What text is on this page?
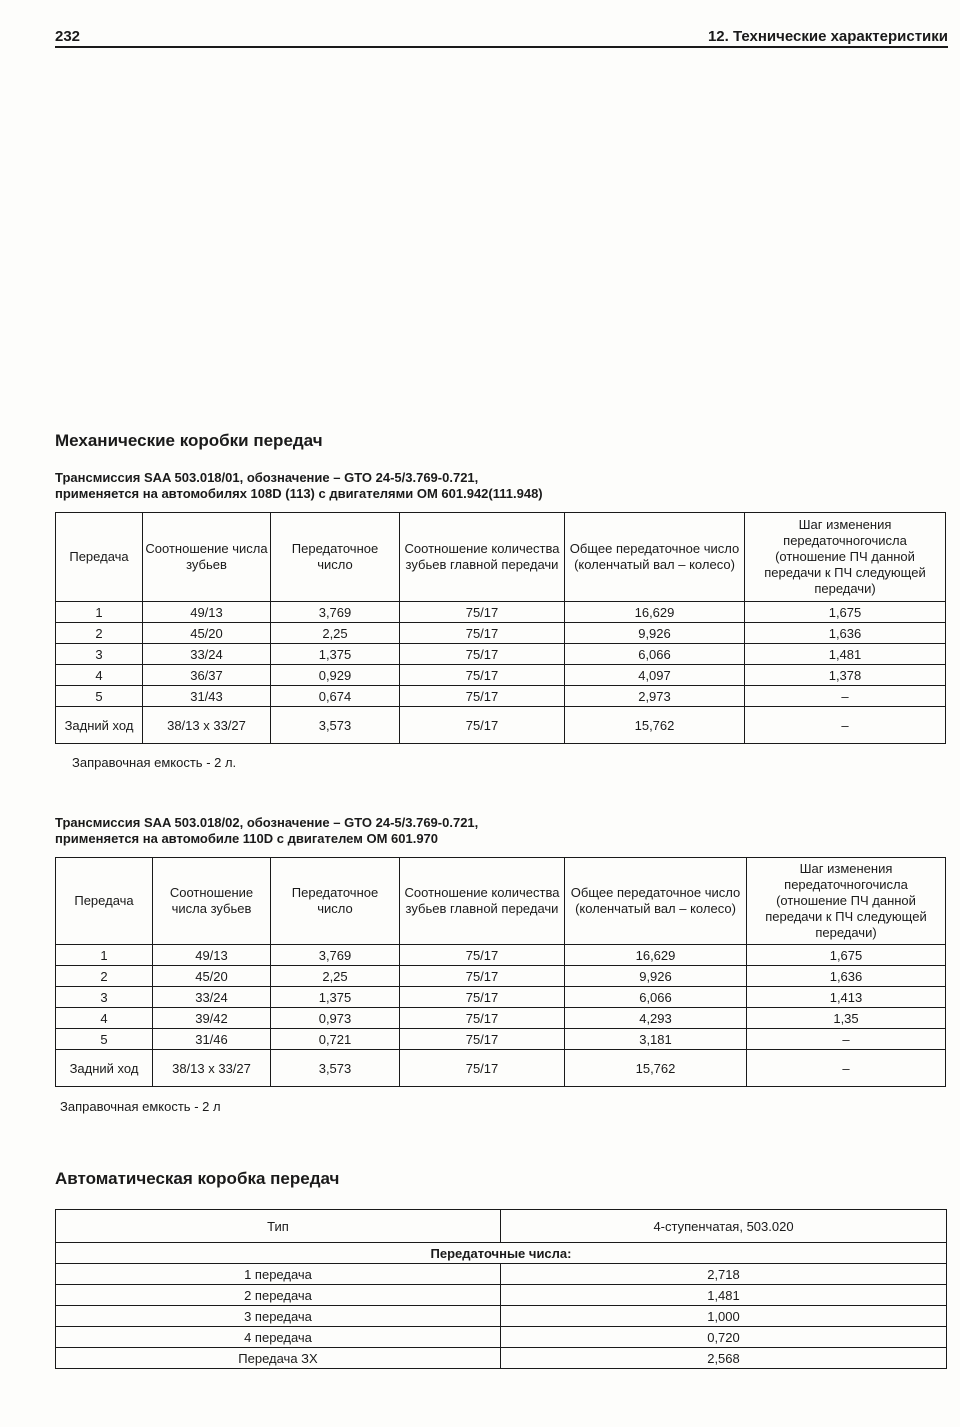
232	12. Технические характеристики
Механические коробки передач

Трансмиссия SAA 503.018/01, обозначение – GTO 24-5/3.769-0.721,
применяется на автомобилях 108D (113) с двигателями ОМ 601.942(111.948)

Передача	Соотношение числа зубьев	Передаточное число	Соотношение количества зубьев главной передачи	Общее передаточное число (коленчатый вал – колесо)	Шаг изменения передаточногочисла (отношение ПЧ данной передачи к ПЧ следующей передачи)
1	49/13	3,769	75/17	16,629	1,675
2	45/20	2,25	75/17	9,926	1,636
3	33/24	1,375	75/17	6,066	1,481
4	36/37	0,929	75/17	4,097	1,378
5	31/43	0,674	75/17	2,973	–
Задний ход	38/13 x 33/27	3,573	75/17	15,762	–
Заправочная емкость - 2 л.

Трансмиссия SAA 503.018/02, обозначение – GTO 24-5/3.769-0.721,
применяется на автомобиле 110D с двигателем ОМ 601.970

Передача	Соотношение числа зубьев	Передаточное число	Соотношение количества зубьев главной передачи	Общее передаточное число (коленчатый вал – колесо)	Шаг изменения передаточногочисла (отношение ПЧ данной передачи к ПЧ следующей передачи)
1	49/13	3,769	75/17	16,629	1,675
2	45/20	2,25	75/17	9,926	1,636
3	33/24	1,375	75/17	6,066	1,413
4	39/42	0,973	75/17	4,293	1,35
5	31/46	0,721	75/17	3,181	–
Задний ход	38/13 x 33/27	3,573	75/17	15,762	–
Заправочная емкость - 2 л
Автоматическая коробка передач
Тип	4-ступенчатая, 503.020
Передаточные числа:	
1 передача	2,718
2 передача	1,481
3 передача	1,000
4 передача	0,720
Передача ЗХ	2,568
